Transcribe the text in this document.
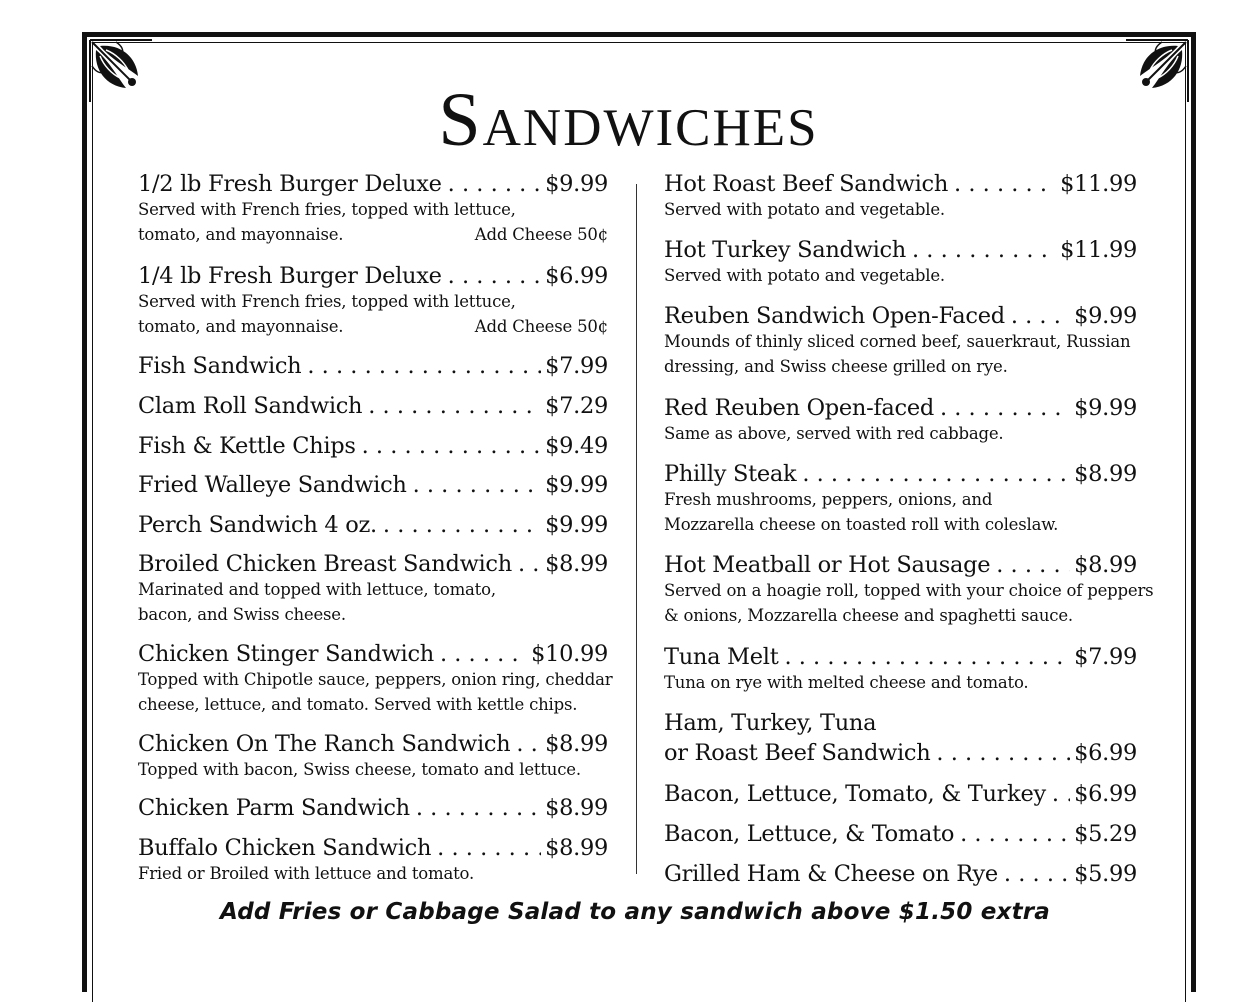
Sandwiches
1/2 lb Fresh Burger Deluxe . . .	$9.99
Served with French fries, topped with lettuce,
tomato, and mayonnaise.	Add Cheese 50¢
1/4 lb Fresh Burger Deluxe . . .	$6.99
Served with French fries, topped with lettuce,
tomato, and mayonnaise.	Add Cheese 50¢
Fish Sandwich . . .	$7.99
Clam Roll Sandwich . . .	$7.29
Fish & Kettle Chips . . .	$9.49
Fried Walleye Sandwich . . .	$9.99
Perch Sandwich 4 oz. . . .	$9.99
Broiled Chicken Breast Sandwich . . . $8.99
Marinated and topped with lettuce, tomato,
bacon, and Swiss cheese.
Chicken Stinger Sandwich . . .	$10.99
Topped with Chipotle sauce, peppers, onion ring, cheddar
cheese, lettuce, and tomato. Served with kettle chips.
Chicken On The Ranch Sandwich . . . $8.99
Topped with bacon, Swiss cheese, tomato and lettuce.
Chicken Parm Sandwich . . .	$8.99
Buffalo Chicken Sandwich . . .	$8.99
Fried or Broiled with lettuce and tomato.
Hot Roast Beef Sandwich . . .	$11.99
Served with potato and vegetable.
Hot Turkey Sandwich . . .	$11.99
Served with potato and vegetable.
Reuben Sandwich Open-Faced . . .	$9.99
Mounds of thinly sliced corned beef, sauerkraut, Russian
dressing, and Swiss cheese grilled on rye.
Red Reuben Open-faced . . .	$9.99
Same as above, served with red cabbage.
Philly Steak . . .	$8.99
Fresh mushrooms, peppers, onions, and
Mozzarella cheese on toasted roll with coleslaw.
Hot Meatball or Hot Sausage . . .	$8.99
Served on a hoagie roll, topped with your choice of peppers
& onions, Mozzarella cheese and spaghetti sauce.
Tuna Melt . . .	$7.99
Tuna on rye with melted cheese and tomato.
Ham, Turkey, Tuna
or Roast Beef Sandwich . . .	$6.99
Bacon, Lettuce, Tomato, & Turkey . . . $6.99
Bacon, Lettuce, & Tomato . . .	$5.29
Grilled Ham & Cheese on Rye . . .	$5.99
Add Fries or Cabbage Salad to any sandwich above $1.50 extra
